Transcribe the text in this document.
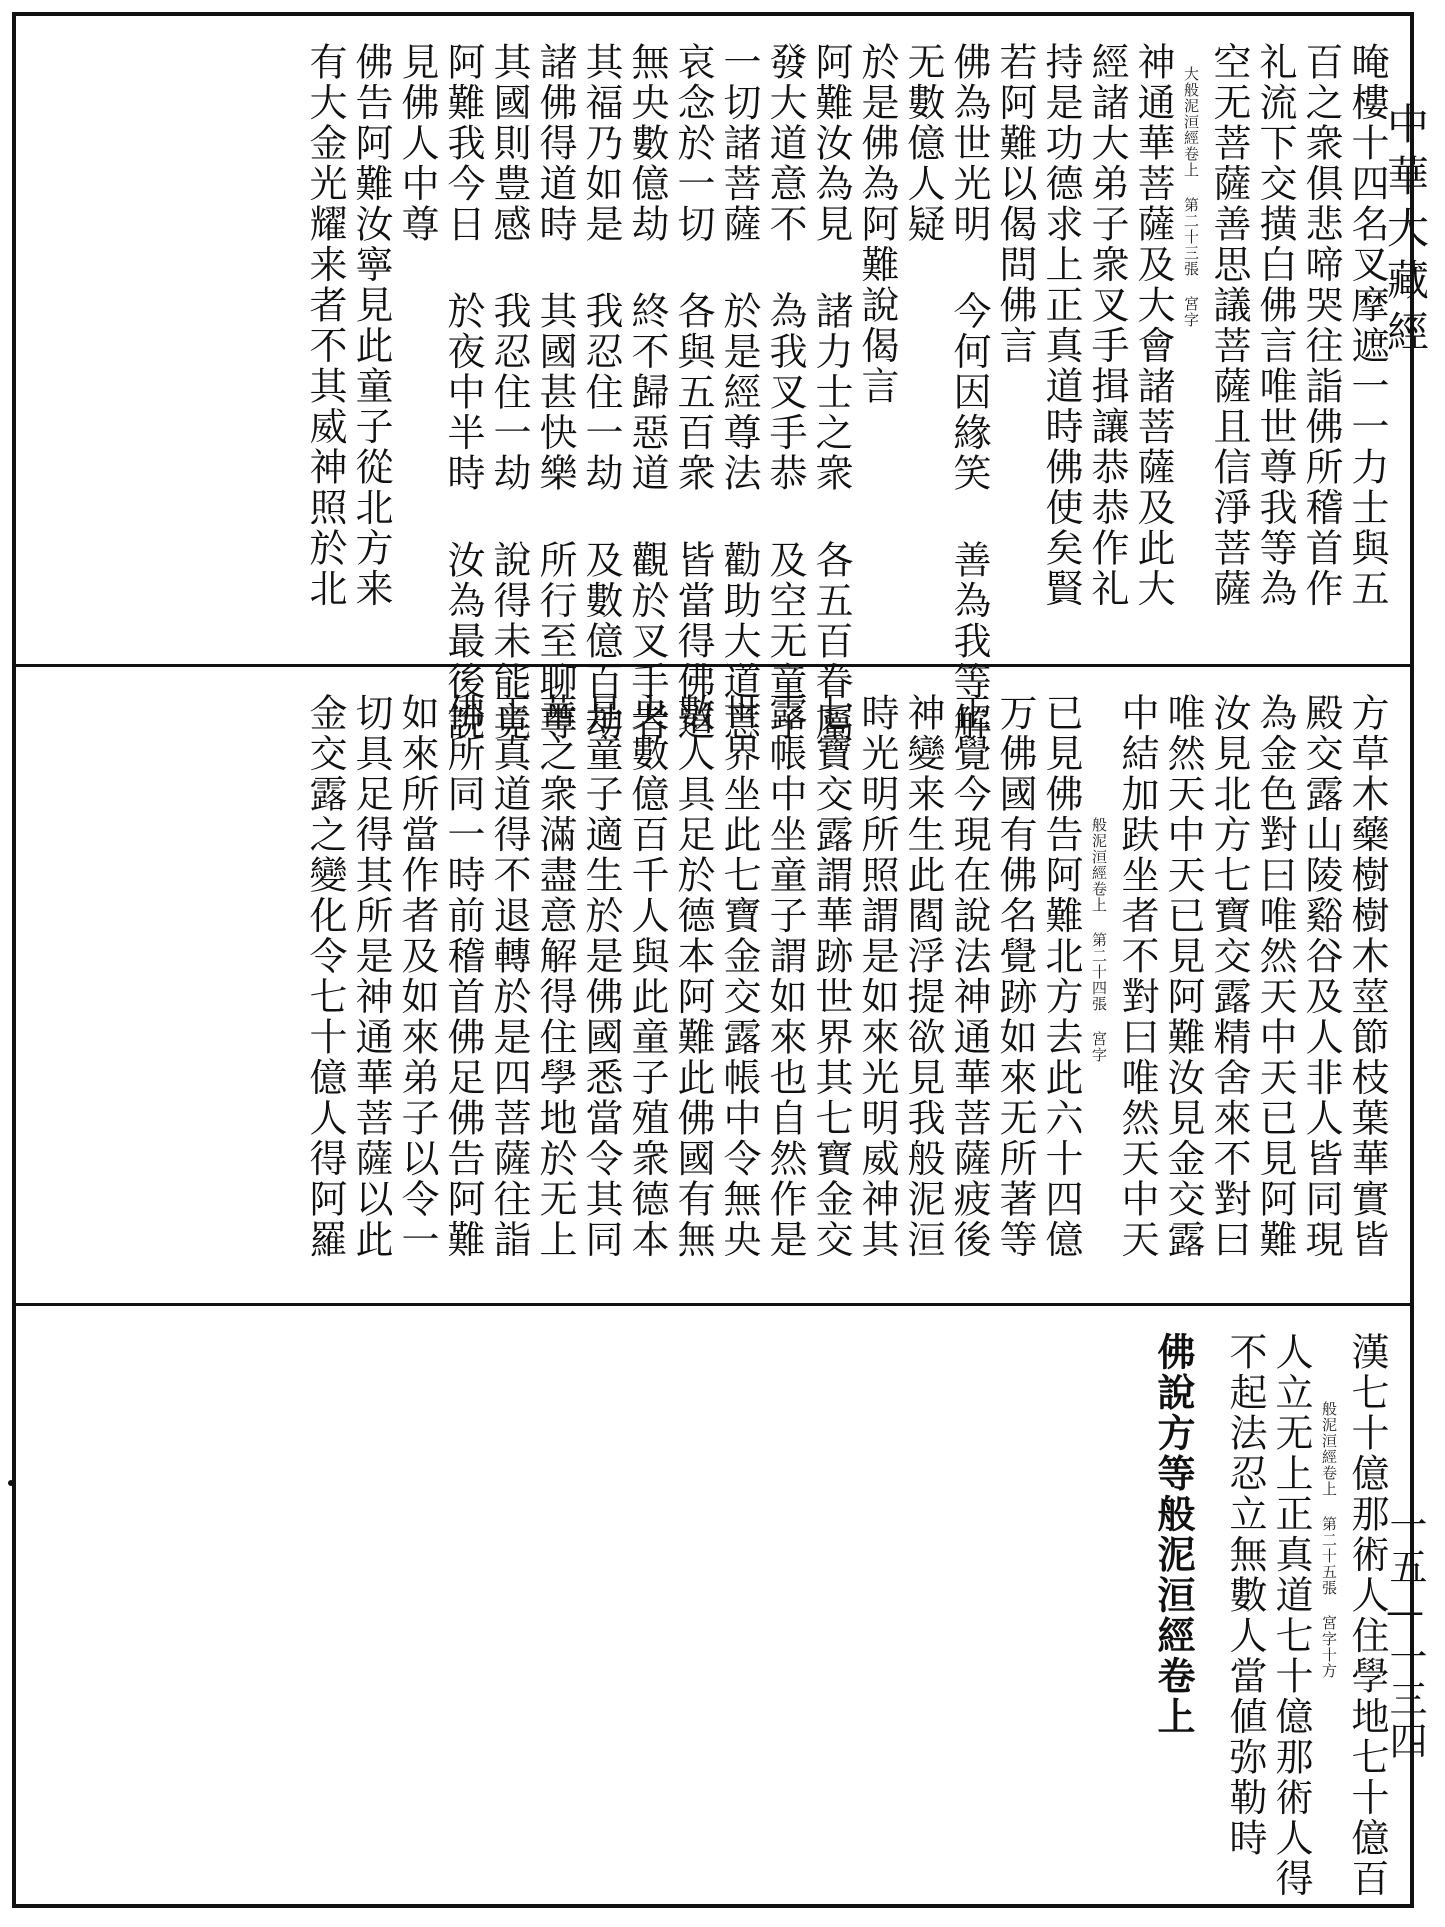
晻樓十四名叉摩遮一一力士與五
百之衆俱悲啼哭往詣佛所稽首作
礼流下交撗白佛言唯世尊我等為
空无菩薩善思議菩薩且信淨菩薩
大般泥洹經卷上 第二十三張 宮字
神通華菩薩及大會諸菩薩及此大
經諸大弟子衆叉手揖讓恭恭作礼
持是功德求上正真道時佛使矣賢
若阿難以偈問佛言
佛為世光明 今何因緣笑 善為我等解
无數億人疑
於是佛為阿難說偈言
阿難汝為見 諸力士之衆 各五百眷屬
發大道意不 為我叉手恭 及空无童子
一切諸菩薩 於是經尊法 勸助大道意
哀念於一切 各與五百衆 皆當得佛道
無央數億劫 終不歸惡道 觀於叉手者
其福乃如是 我忍住一劫 及數億百劫
諸佛得道時 其國甚快樂 所行至聊尊
其國則豊感 我忍住一劫 說得未能竟
阿難我今日 於夜中半時 汝為最後說
見佛人中尊
佛告阿難汝寧見此童子從北方来
有大金光耀来者不其威神照於北
方草木藥樹樹木莖節枝葉華實皆
殿交露山陵谿谷及人非人皆同現
為金色對曰唯然天中天已見阿難
汝見北方七寶交露精舍來不對曰
唯然天中天已見阿難汝見金交露
中結加趺坐者不對曰唯然天中天
般泥洹經卷上 第二十四張 宮字
已見佛告阿難北方去此六十四億
万佛國有佛名覺跡如來无所著等
正覺今現在說法神通華菩薩疲後
神變来生此閻浮提欲見我般泥洹
時光明所照謂是如來光明威神其
七寶交露謂華跡世界其七寶金交
露帳中坐童子謂如來也自然作是
世界坐此七寶金交露帳中令無央
數人具足於德本阿難此佛國有無
央數億百千人與此童子殖衆德本
是童子適生於是佛國悉當令其同
華之衆滿盡意解得住學地於无上
正真道得不退轉於是四菩薩往詣
佛所同一時前稽首佛足佛告阿難
如來所當作者及如來弟子以令一
切具足得其所是神通華菩薩以此
金交露之變化令七十億人得阿羅
漢七十億那術人住學地七十億百
般泥洹經卷上 第二十五張 宮字十方
人立无上正真道七十億那術人得
不起法忍立無數人當値弥勒時
佛說方等般泥洹經卷上
中華大藏經
一五—一三四
